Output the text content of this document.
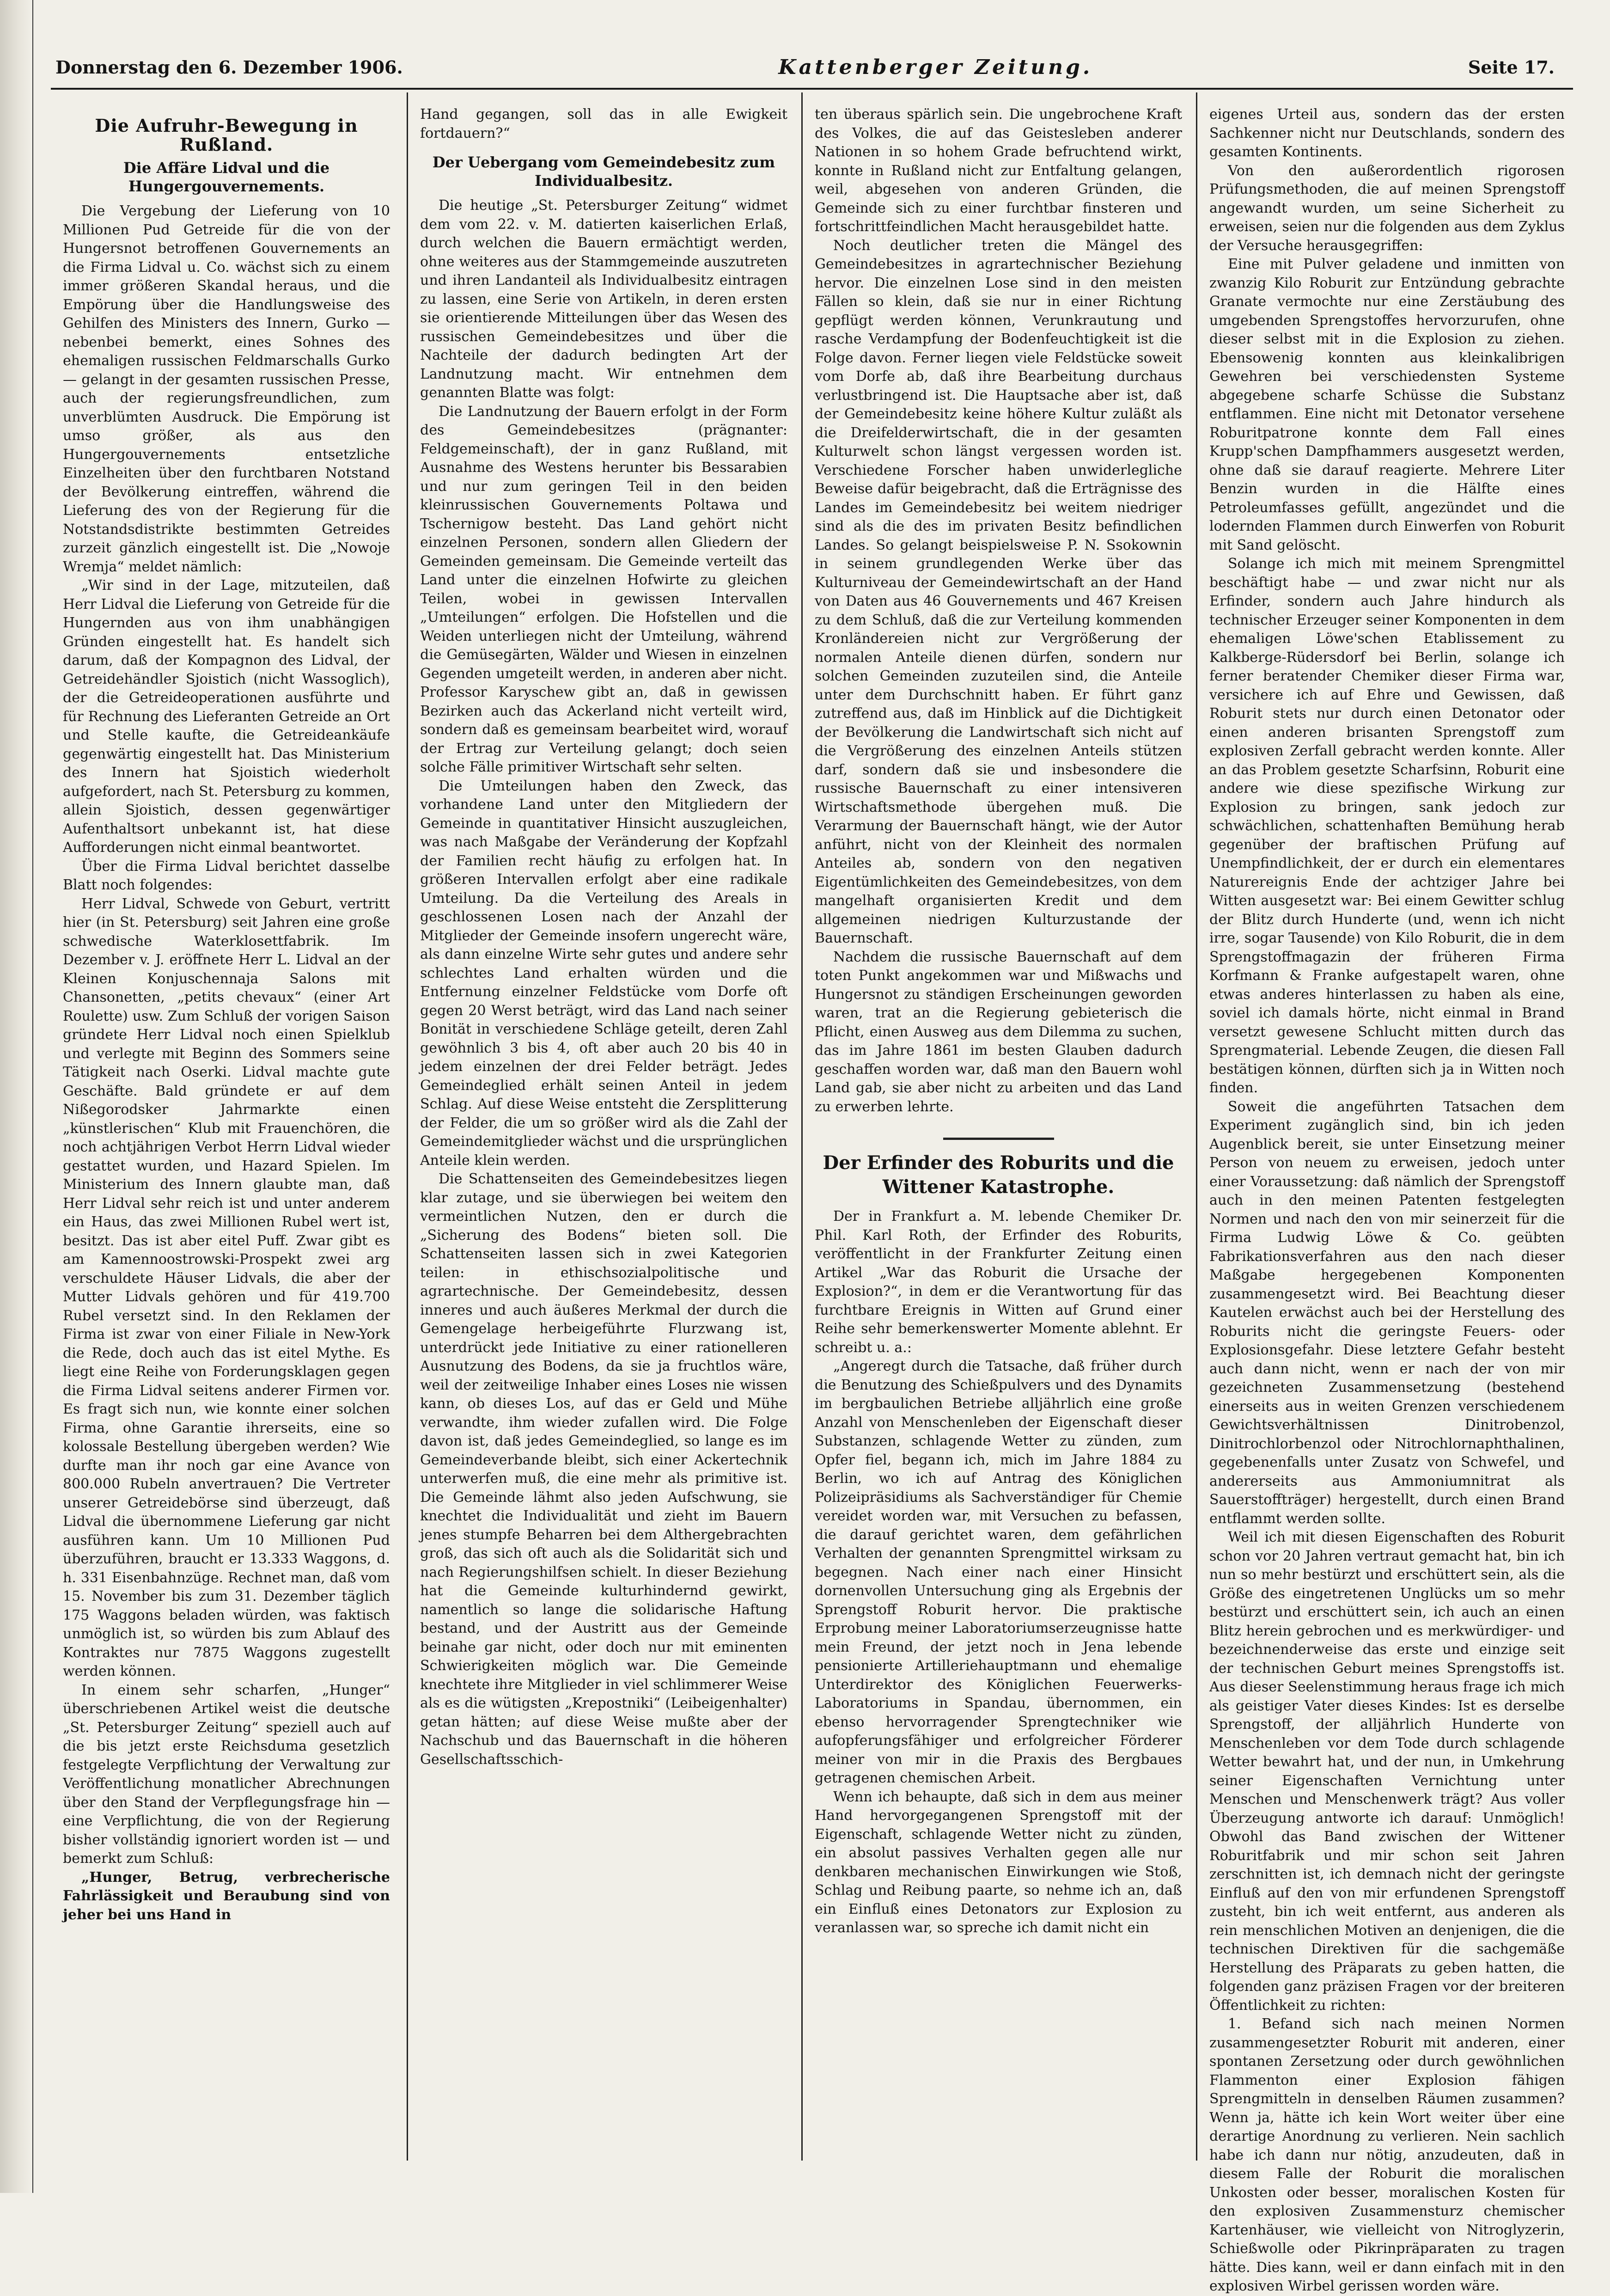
Donnerstag den 6. Dezember 1906.	Kattenberger Zeitung.	Seite 17.
Die Aufruhr-Bewegung in Rußland.
Die Affäre Lidval und die Hungergouvernements.

Die Vergebung der Lieferung von 10 Millionen Pud Getreide für die von der Hungersnot betroffenen Gouvernements an die Firma Lidval u. Co. wächst sich zu einem immer größeren Skandal heraus, und die Empörung über die Handlungsweise des Gehilfen des Ministers des Innern, Gurko — nebenbei bemerkt, eines Sohnes des ehemaligen russischen Feldmarschalls Gurko — gelangt in der gesamten russischen Presse, auch der regierungsfreundlichen, zum unverblümten Ausdruck. Die Empörung ist umso größer, als aus den Hungergouvernements entsetzliche Einzelheiten über den furchtbaren Notstand der Bevölkerung eintreffen, während die Lieferung des von der Regierung für die Notstandsdistrikte bestimmten Getreides zurzeit gänzlich eingestellt ist. Die „Nowoje Wremja“ meldet nämlich:

„Wir sind in der Lage, mitzuteilen, daß Herr Lidval die Lieferung von Getreide für die Hungernden aus von ihm unabhängigen Gründen eingestellt hat. Es handelt sich darum, daß der Kompagnon des Lidval, der Getreidehändler Sjoistich (nicht Wassoglich), der die Getreideoperationen ausführte und für Rechnung des Lieferanten Getreide an Ort und Stelle kaufte, die Getreideankäufe gegenwärtig eingestellt hat. Das Ministerium des Innern hat Sjoistich wiederholt aufgefordert, nach St. Petersburg zu kommen, allein Sjoistich, dessen gegenwärtiger Aufenthaltsort unbekannt ist, hat diese Aufforderungen nicht einmal beantwortet.

Über die Firma Lidval berichtet dasselbe Blatt noch folgendes:

Herr Lidval, Schwede von Geburt, vertritt hier (in St. Petersburg) seit Jahren eine große schwedische Waterklosettfabrik. Im Dezember v. J. eröffnete Herr L. Lidval an der Kleinen Konjuschennaja Salons mit Chansonetten, „petits chevaux“ (einer Art Roulette) usw. Zum Schluß der vorigen Saison gründete Herr Lidval noch einen Spielklub und verlegte mit Beginn des Sommers seine Tätigkeit nach Oserki. Lidval machte gute Geschäfte. Bald gründete er auf dem Nißegorodsker Jahrmarkte einen „künstlerischen“ Klub mit Frauenchören, die noch achtjährigen Verbot Herrn Lidval wieder gestattet wurden, und Hazard Spielen. Im Ministerium des Innern glaubte man, daß Herr Lidval sehr reich ist und unter anderem ein Haus, das zwei Millionen Rubel wert ist, besitzt. Das ist aber eitel Puff. Zwar gibt es am Kamennoostrowski-Prospekt zwei arg verschuldete Häuser Lidvals, die aber der Mutter Lidvals gehören und für 419.700 Rubel versetzt sind. In den Reklamen der Firma ist zwar von einer Filiale in New-York die Rede, doch auch das ist eitel Mythe. Es liegt eine Reihe von Forderungsklagen gegen die Firma Lidval seitens anderer Firmen vor. Es fragt sich nun, wie konnte einer solchen Firma, ohne Garantie ihrerseits, eine so kolossale Bestellung übergeben werden? Wie durfte man ihr noch gar eine Avance von 800.000 Rubeln anvertrauen? Die Vertreter unserer Getreidebörse sind überzeugt, daß Lidval die übernommene Lieferung gar nicht ausführen kann. Um 10 Millionen Pud überzuführen, braucht er 13.333 Waggons, d. h. 331 Eisenbahnzüge. Rechnet man, daß vom 15. November bis zum 31. Dezember täglich 175 Waggons beladen würden, was faktisch unmöglich ist, so würden bis zum Ablauf des Kontraktes nur 7875 Waggons zugestellt werden können.

In einem sehr scharfen, „Hunger“ überschriebenen Artikel weist die deutsche „St. Petersburger Zeitung“ speziell auch auf die bis jetzt erste Reichsduma gesetzlich festgelegte Verpflichtung der Verwaltung zur Veröffentlichung monatlicher Abrechnungen über den Stand der Verpflegungsfrage hin — eine Verpflichtung, die von der Regierung bisher vollständig ignoriert worden ist — und bemerkt zum Schluß:

„Hunger, Betrug, verbrecherische Fahrlässigkeit und Beraubung sind von jeher bei uns Hand in

Hand gegangen, soll das in alle Ewigkeit fortdauern?“

Der Uebergang vom Gemeindebesitz zum Individualbesitz.

Die heutige „St. Petersburger Zeitung“ widmet dem vom 22. v. M. datierten kaiserlichen Erlaß, durch welchen die Bauern ermächtigt werden, ohne weiteres aus der Stammgemeinde auszutreten und ihren Landanteil als Individualbesitz eintragen zu lassen, eine Serie von Artikeln, in deren ersten sie orientierende Mitteilungen über das Wesen des russischen Gemeindebesitzes und über die Nachteile der dadurch bedingten Art der Landnutzung macht. Wir entnehmen dem genannten Blatte was folgt:

Die Landnutzung der Bauern erfolgt in der Form des Gemeindebesitzes (prägnanter: Feldgemeinschaft), der in ganz Rußland, mit Ausnahme des Westens herunter bis Bessarabien und nur zum geringen Teil in den beiden kleinrussischen Gouvernements Poltawa und Tschernigow besteht. Das Land gehört nicht einzelnen Personen, sondern allen Gliedern der Gemeinden gemeinsam. Die Gemeinde verteilt das Land unter die einzelnen Hofwirte zu gleichen Teilen, wobei in gewissen Intervallen „Umteilungen“ erfolgen. Die Hofstellen und die Weiden unterliegen nicht der Umteilung, während die Gemüsegärten, Wälder und Wiesen in einzelnen Gegenden umgeteilt werden, in anderen aber nicht. Professor Karyschew gibt an, daß in gewissen Bezirken auch das Ackerland nicht verteilt wird, sondern daß es gemeinsam bearbeitet wird, worauf der Ertrag zur Verteilung gelangt; doch seien solche Fälle primitiver Wirtschaft sehr selten.

Die Umteilungen haben den Zweck, das vorhandene Land unter den Mitgliedern der Gemeinde in quantitativer Hinsicht auszugleichen, was nach Maßgabe der Veränderung der Kopfzahl der Familien recht häufig zu erfolgen hat. In größeren Intervallen erfolgt aber eine radikale Umteilung. Da die Verteilung des Areals in geschlossenen Losen nach der Anzahl der Mitglieder der Gemeinde insofern ungerecht wäre, als dann einzelne Wirte sehr gutes und andere sehr schlechtes Land erhalten würden und die Entfernung einzelner Feldstücke vom Dorfe oft gegen 20 Werst beträgt, wird das Land nach seiner Bonität in verschiedene Schläge geteilt, deren Zahl gewöhnlich 3 bis 4, oft aber auch 20 bis 40 in jedem einzelnen der drei Felder beträgt. Jedes Gemeindeglied erhält seinen Anteil in jedem Schlag. Auf diese Weise entsteht die Zersplitterung der Felder, die um so größer wird als die Zahl der Gemeindemitglieder wächst und die ursprünglichen Anteile klein werden.

Die Schattenseiten des Gemeindebesitzes liegen klar zutage, und sie überwiegen bei weitem den vermeintlichen Nutzen, den er durch die „Sicherung des Bodens“ bieten soll. Die Schattenseiten lassen sich in zwei Kategorien teilen: in ethischsozialpolitische und agrartechnische. Der Gemeindebesitz, dessen inneres und auch äußeres Merkmal der durch die Gemengelage herbeigeführte Flurzwang ist, unterdrückt jede Initiative zu einer rationelleren Ausnutzung des Bodens, da sie ja fruchtlos wäre, weil der zeitweilige Inhaber eines Loses nie wissen kann, ob dieses Los, auf das er Geld und Mühe verwandte, ihm wieder zufallen wird. Die Folge davon ist, daß jedes Gemeindeglied, so lange es im Gemeindeverbande bleibt, sich einer Ackertechnik unterwerfen muß, die eine mehr als primitive ist. Die Gemeinde lähmt also jeden Aufschwung, sie knechtet die Individualität und zieht im Bauern jenes stumpfe Beharren bei dem Althergebrachten groß, das sich oft auch als die Solidarität sich und nach Regierungshilfsen schielt. In dieser Beziehung hat die Gemeinde kulturhindernd gewirkt, namentlich so lange die solidarische Haftung bestand, und der Austritt aus der Gemeinde beinahe gar nicht, oder doch nur mit eminenten Schwierigkeiten möglich war. Die Gemeinde knechtete ihre Mitglieder in viel schlimmerer Weise als es die wütigsten „Krepostniki“ (Leibeigenhalter) getan hätten; auf diese Weise mußte aber der Nachschub und das Bauernschaft in die höheren Gesellschaftsschich-

ten überaus spärlich sein. Die ungebrochene Kraft des Volkes, die auf das Geistesleben anderer Nationen in so hohem Grade befruchtend wirkt, konnte in Rußland nicht zur Entfaltung gelangen, weil, abgesehen von anderen Gründen, die Gemeinde sich zu einer furchtbar finsteren und fortschrittfeindlichen Macht herausgebildet hatte.

Noch deutlicher treten die Mängel des Gemeindebesitzes in agrartechnischer Beziehung hervor. Die einzelnen Lose sind in den meisten Fällen so klein, daß sie nur in einer Richtung gepflügt werden können, Verunkrautung und rasche Verdampfung der Bodenfeuchtigkeit ist die Folge davon. Ferner liegen viele Feldstücke soweit vom Dorfe ab, daß ihre Bearbeitung durchaus verlustbringend ist. Die Hauptsache aber ist, daß der Gemeindebesitz keine höhere Kultur zuläßt als die Dreifelderwirtschaft, die in der gesamten Kulturwelt schon längst vergessen worden ist. Verschiedene Forscher haben unwiderlegliche Beweise dafür beigebracht, daß die Erträgnisse des Landes im Gemeindebesitz bei weitem niedriger sind als die des im privaten Besitz befindlichen Landes. So gelangt beispielsweise P. N. Ssokownin in seinem grundlegenden Werke über das Kulturniveau der Gemeindewirtschaft an der Hand von Daten aus 46 Gouvernements und 467 Kreisen zu dem Schluß, daß die zur Verteilung kommenden Kronländereien nicht zur Vergrößerung der normalen Anteile dienen dürfen, sondern nur solchen Gemeinden zuzuteilen sind, die Anteile unter dem Durchschnitt haben. Er führt ganz zutreffend aus, daß im Hinblick auf die Dichtigkeit der Bevölkerung die Landwirtschaft sich nicht auf die Vergrößerung des einzelnen Anteils stützen darf, sondern daß sie und insbesondere die russische Bauernschaft zu einer intensiveren Wirtschaftsmethode übergehen muß. Die Verarmung der Bauernschaft hängt, wie der Autor anführt, nicht von der Kleinheit des normalen Anteiles ab, sondern von den negativen Eigentümlichkeiten des Gemeindebesitzes, von dem mangelhaft organisierten Kredit und dem allgemeinen niedrigen Kulturzustande der Bauernschaft.

Nachdem die russische Bauernschaft auf dem toten Punkt angekommen war und Mißwachs und Hungersnot zu ständigen Erscheinungen geworden waren, trat an die Regierung gebieterisch die Pflicht, einen Ausweg aus dem Dilemma zu suchen, das im Jahre 1861 im besten Glauben dadurch geschaffen worden war, daß man den Bauern wohl Land gab, sie aber nicht zu arbeiten und das Land zu erwerben lehrte.

Der Erfinder des Roburits und die Wittener Katastrophe.

Der in Frankfurt a. M. lebende Chemiker Dr. Phil. Karl Roth, der Erfinder des Roburits, veröffentlicht in der Frankfurter Zeitung einen Artikel „War das Roburit die Ursache der Explosion?“, in dem er die Verantwortung für das furchtbare Ereignis in Witten auf Grund einer Reihe sehr bemerkenswerter Momente ablehnt. Er schreibt u. a.:

„Angeregt durch die Tatsache, daß früher durch die Benutzung des Schießpulvers und des Dynamits im bergbaulichen Betriebe alljährlich eine große Anzahl von Menschenleben der Eigenschaft dieser Substanzen, schlagende Wetter zu zünden, zum Opfer fiel, begann ich, mich im Jahre 1884 zu Berlin, wo ich auf Antrag des Königlichen Polizeipräsidiums als Sachverständiger für Chemie vereidet worden war, mit Versuchen zu befassen, die darauf gerichtet waren, dem gefährlichen Verhalten der genannten Sprengmittel wirksam zu begegnen. Nach einer nach einer Hinsicht dornenvollen Untersuchung ging als Ergebnis der Sprengstoff Roburit hervor. Die praktische Erprobung meiner Laboratoriumserzeugnisse hatte mein Freund, der jetzt noch in Jena lebende pensionierte Artilleriehauptmann und ehemalige Unterdirektor des Königlichen Feuerwerks-Laboratoriums in Spandau, übernommen, ein ebenso hervorragender Sprengtechniker wie aufopferungsfähiger und erfolgreicher Förderer meiner von mir in die Praxis des Bergbaues getragenen chemischen Arbeit.

Wenn ich behaupte, daß sich in dem aus meiner Hand hervorgegangenen Sprengstoff mit der Eigenschaft, schlagende Wetter nicht zu zünden, ein absolut passives Verhalten gegen alle nur denkbaren mechanischen Einwirkungen wie Stoß, Schlag und Reibung paarte, so nehme ich an, daß ein Einfluß eines Detonators zur Explosion zu veranlassen war, so spreche ich damit nicht ein

eigenes Urteil aus, sondern das der ersten Sachkenner nicht nur Deutschlands, sondern des gesamten Kontinents.

Von den außerordentlich rigorosen Prüfungsmethoden, die auf meinen Sprengstoff angewandt wurden, um seine Sicherheit zu erweisen, seien nur die folgenden aus dem Zyklus der Versuche herausgegriffen:

Eine mit Pulver geladene und inmitten von zwanzig Kilo Roburit zur Entzündung gebrachte Granate vermochte nur eine Zerstäubung des umgebenden Sprengstoffes hervorzurufen, ohne dieser selbst mit in die Explosion zu ziehen. Ebensowenig konnten aus kleinkalibrigen Gewehren bei verschiedensten Systeme abgegebene scharfe Schüsse die Substanz entflammen. Eine nicht mit Detonator versehene Roburitpatrone konnte dem Fall eines Krupp'schen Dampfhammers ausgesetzt werden, ohne daß sie darauf reagierte. Mehrere Liter Benzin wurden in die Hälfte eines Petroleumfasses gefüllt, angezündet und die lodernden Flammen durch Einwerfen von Roburit mit Sand gelöscht.

Solange ich mich mit meinem Sprengmittel beschäftigt habe — und zwar nicht nur als Erfinder, sondern auch Jahre hindurch als technischer Erzeuger seiner Komponenten in dem ehemaligen Löwe'schen Etablissement zu Kalkberge-Rüdersdorf bei Berlin, solange ich ferner beratender Chemiker dieser Firma war, versichere ich auf Ehre und Gewissen, daß Roburit stets nur durch einen Detonator oder einen anderen brisanten Sprengstoff zum explosiven Zerfall gebracht werden konnte. Aller an das Problem gesetzte Scharfsinn, Roburit eine andere wie diese spezifische Wirkung zur Explosion zu bringen, sank jedoch zur schwächlichen, schattenhaften Bemühung herab gegenüber der braftischen Prüfung auf Unempfindlichkeit, der er durch ein elementares Naturereignis Ende der achtziger Jahre bei Witten ausgesetzt war: Bei einem Gewitter schlug der Blitz durch Hunderte (und, wenn ich nicht irre, sogar Tausende) von Kilo Roburit, die in dem Sprengstoffmagazin der früheren Firma Korfmann & Franke aufgestapelt waren, ohne etwas anderes hinterlassen zu haben als eine, soviel ich damals hörte, nicht einmal in Brand versetzt gewesene Schlucht mitten durch das Sprengmaterial. Lebende Zeugen, die diesen Fall bestätigen können, dürften sich ja in Witten noch finden.

Soweit die angeführten Tatsachen dem Experiment zugänglich sind, bin ich jeden Augenblick bereit, sie unter Einsetzung meiner Person von neuem zu erweisen, jedoch unter einer Voraussetzung: daß nämlich der Sprengstoff auch in den meinen Patenten festgelegten Normen und nach den von mir seinerzeit für die Firma Ludwig Löwe & Co. geübten Fabrikationsverfahren aus den nach dieser Maßgabe hergegebenen Komponenten zusammengesetzt wird. Bei Beachtung dieser Kautelen erwächst auch bei der Herstellung des Roburits nicht die geringste Feuers- oder Explosionsgefahr. Diese letztere Gefahr besteht auch dann nicht, wenn er nach der von mir gezeichneten Zusammensetzung (bestehend einerseits aus in weiten Grenzen verschiedenem Gewichtsverhältnissen Dinitrobenzol, Dinitrochlorbenzol oder Nitrochlornaphthalinen, gegebenenfalls unter Zusatz von Schwefel, und andererseits aus Ammoniumnitrat als Sauerstoffträger) hergestellt, durch einen Brand entflammt werden sollte.

Weil ich mit diesen Eigenschaften des Roburit schon vor 20 Jahren vertraut gemacht hat, bin ich nun so mehr bestürzt und erschüttert sein, als die Größe des eingetretenen Unglücks um so mehr bestürzt und erschüttert sein, ich auch an einen Blitz herein gebrochen und es merkwürdiger- und bezeichnenderweise das erste und einzige seit der technischen Geburt meines Sprengstoffs ist. Aus dieser Seelenstimmung heraus frage ich mich als geistiger Vater dieses Kindes: Ist es derselbe Sprengstoff, der alljährlich Hunderte von Menschenleben vor dem Tode durch schlagende Wetter bewahrt hat, und der nun, in Umkehrung seiner Eigenschaften Vernichtung unter Menschen und Menschenwerk trägt? Aus voller Überzeugung antworte ich darauf: Unmöglich! Obwohl das Band zwischen der Wittener Roburitfabrik und mir schon seit Jahren zerschnitten ist, ich demnach nicht der geringste Einfluß auf den von mir erfundenen Sprengstoff zusteht, bin ich weit entfernt, aus anderen als rein menschlichen Motiven an denjenigen, die die technischen Direktiven für die sachgemäße Herstellung des Präparats zu geben hatten, die folgenden ganz präzisen Fragen vor der breiteren Öffentlichkeit zu richten:

1. Befand sich nach meinen Normen zusammengesetzter Roburit mit anderen, einer spontanen Zersetzung oder durch gewöhnlichen Flammenton einer Explosion fähigen Sprengmitteln in denselben Räumen zusammen? Wenn ja, hätte ich kein Wort weiter über eine derartige Anordnung zu verlieren. Nein sachlich habe ich dann nur nötig, anzudeuten, daß in diesem Falle der Roburit die moralischen Unkosten oder besser, moralischen Kosten für den explosiven Zusammensturz chemischer Kartenhäuser, wie vielleicht von Nitroglyzerin, Schießwolle oder Pikrinpräparaten zu tragen hätte. Dies kann, weil er dann einfach mit in den explosiven Wirbel gerissen worden wäre.
